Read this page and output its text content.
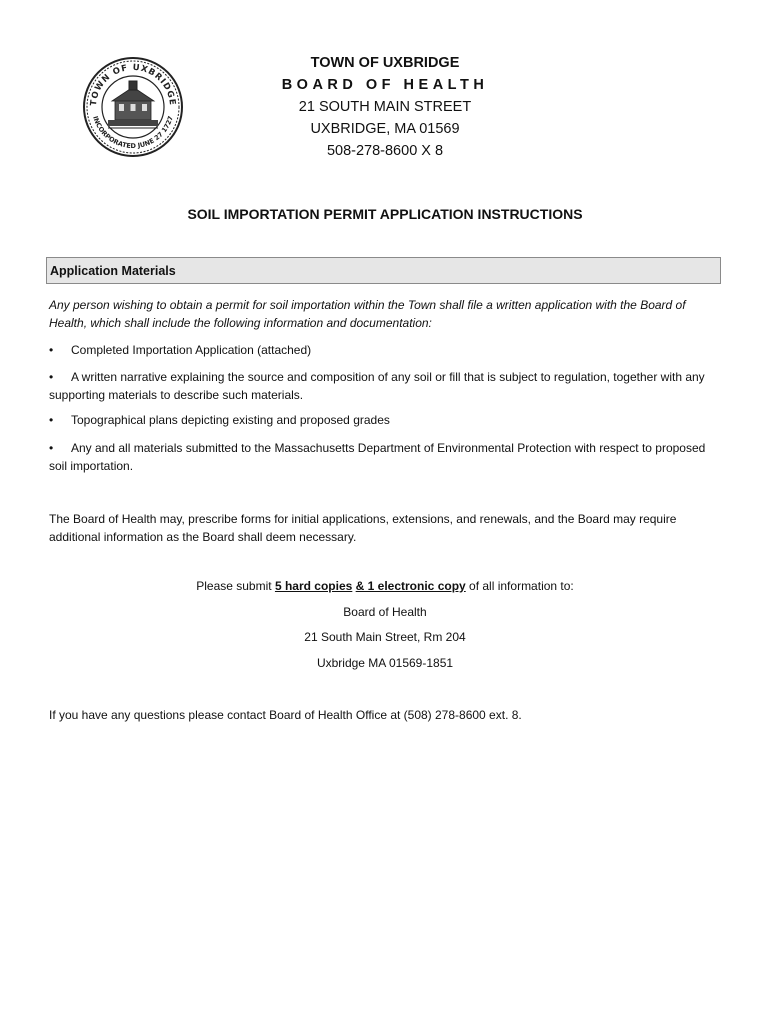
TOWN OF UXBRIDGE
INCORPORATED JUNE 27 1727
TOWN OF UXBRIDGE
BOARD OF HEALTH
21 SOUTH MAIN STREET
UXBRIDGE, MA 01569
508-278-8600 X 8
SOIL IMPORTATION PERMIT APPLICATION INSTRUCTIONS
Application Materials
Any person wishing to obtain a permit for soil importation within the Town shall file a written application with the Board of Health, which shall include the following information and documentation:
• Completed Importation Application (attached)
• A written narrative explaining the source and composition of any soil or fill that is subject to regulation, together with any supporting materials to describe such materials.
• Topographical plans depicting existing and proposed grades
• Any and all materials submitted to the Massachusetts Department of Environmental Protection with respect to proposed soil importation.
The Board of Health may, prescribe forms for initial applications, extensions, and renewals, and the Board may require additional information as the Board shall deem necessary.
Please submit 5 hard copies & 1 electronic copy of all information to:
Board of Health
21 South Main Street, Rm 204
Uxbridge MA 01569-1851
If you have any questions please contact Board of Health Office at (508) 278-8600 ext. 8.
